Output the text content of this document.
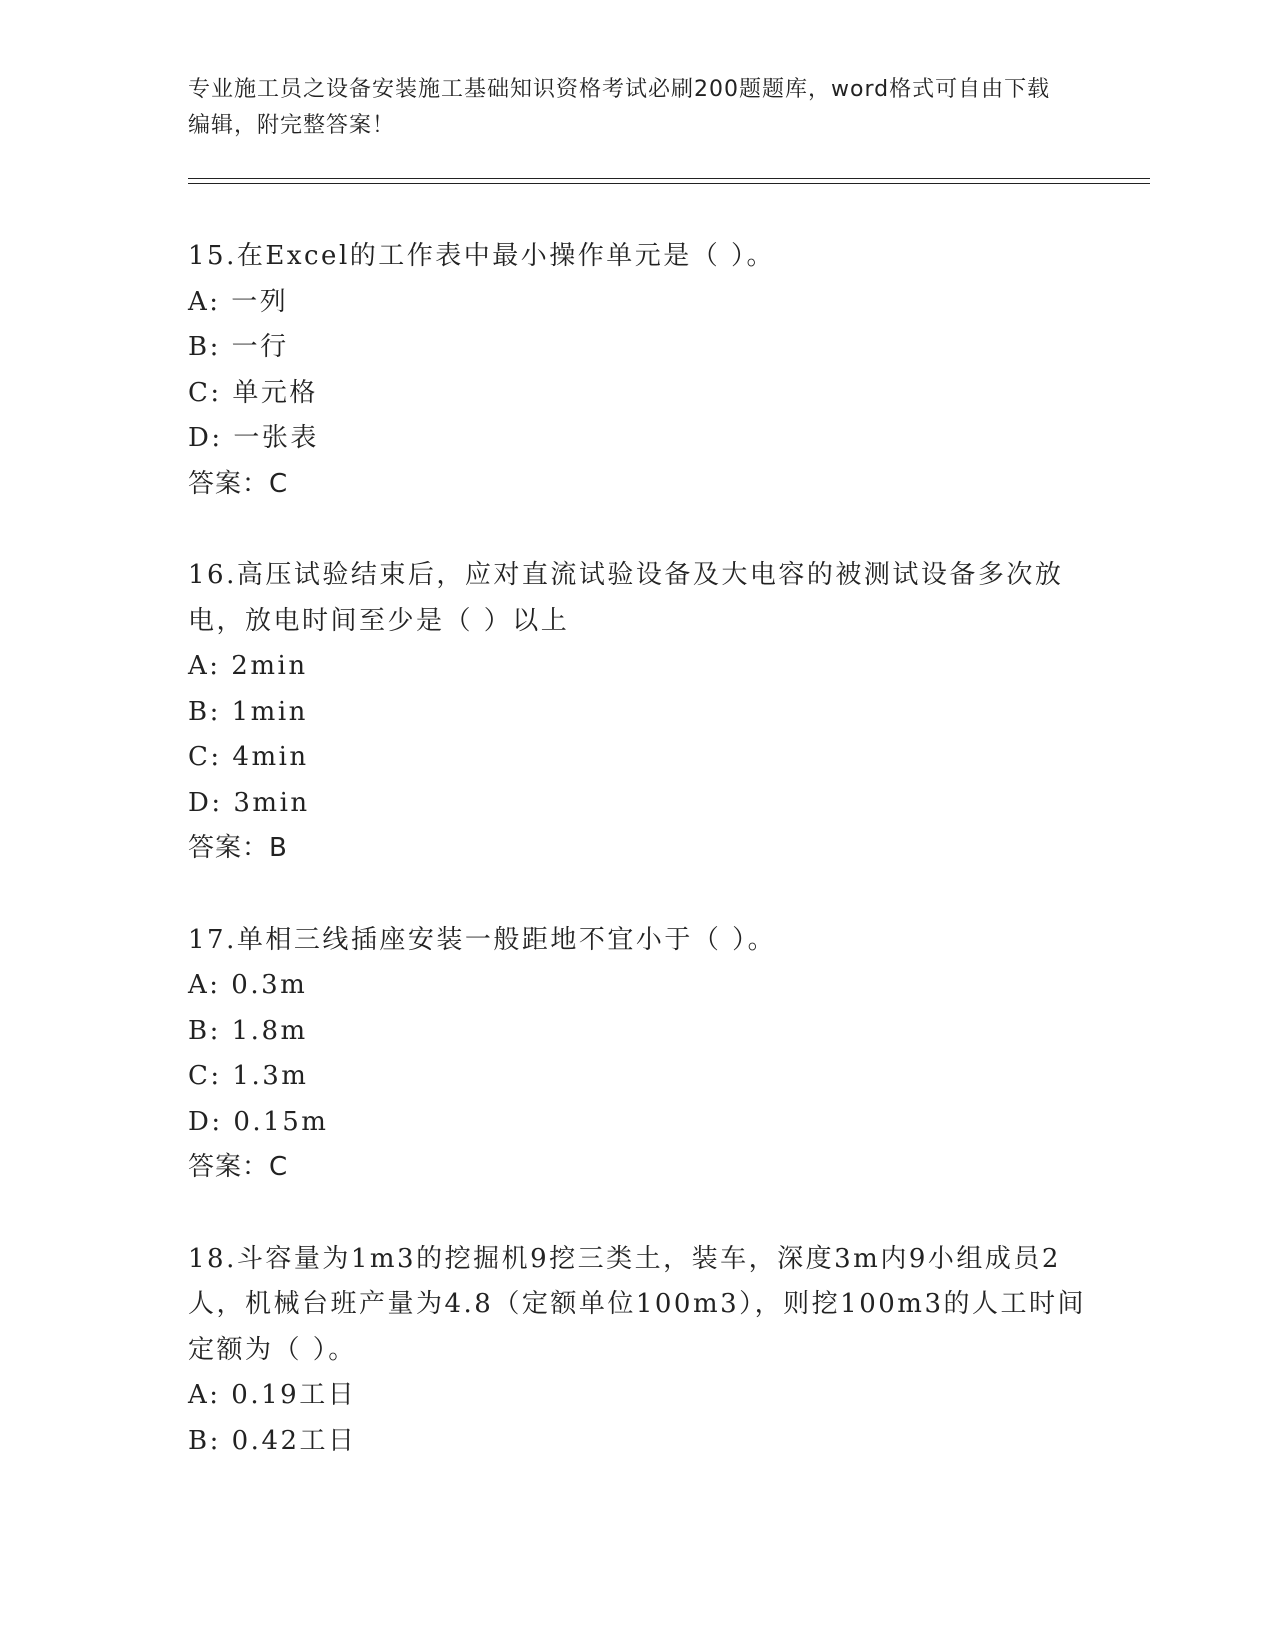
专业施工员之设备安装施工基础知识资格考试必刷200题题库，word格式可自由下载编辑，附完整答案！

15.在Excel的工作表中最小操作单元是（ ）。

A: 一列

B: 一行

C: 单元格

D: 一张表

答案：C

16.高压试验结束后，应对直流试验设备及大电容的被测试设备多次放电，放电时间至少是（ ）以上

A: 2min

B: 1min

C: 4min

D: 3min

答案：B

17.单相三线插座安装一般距地不宜小于（ ）。

A: 0.3m

B: 1.8m

C: 1.3m

D: 0.15m

答案：C

18.斗容量为1m3的挖掘机9挖三类土，装车，深度3m内9小组成员2人，机械台班产量为4.8（定额单位100m3），则挖100m3的人工时间定额为（ ）。

A: 0.19工日

B: 0.42工日
